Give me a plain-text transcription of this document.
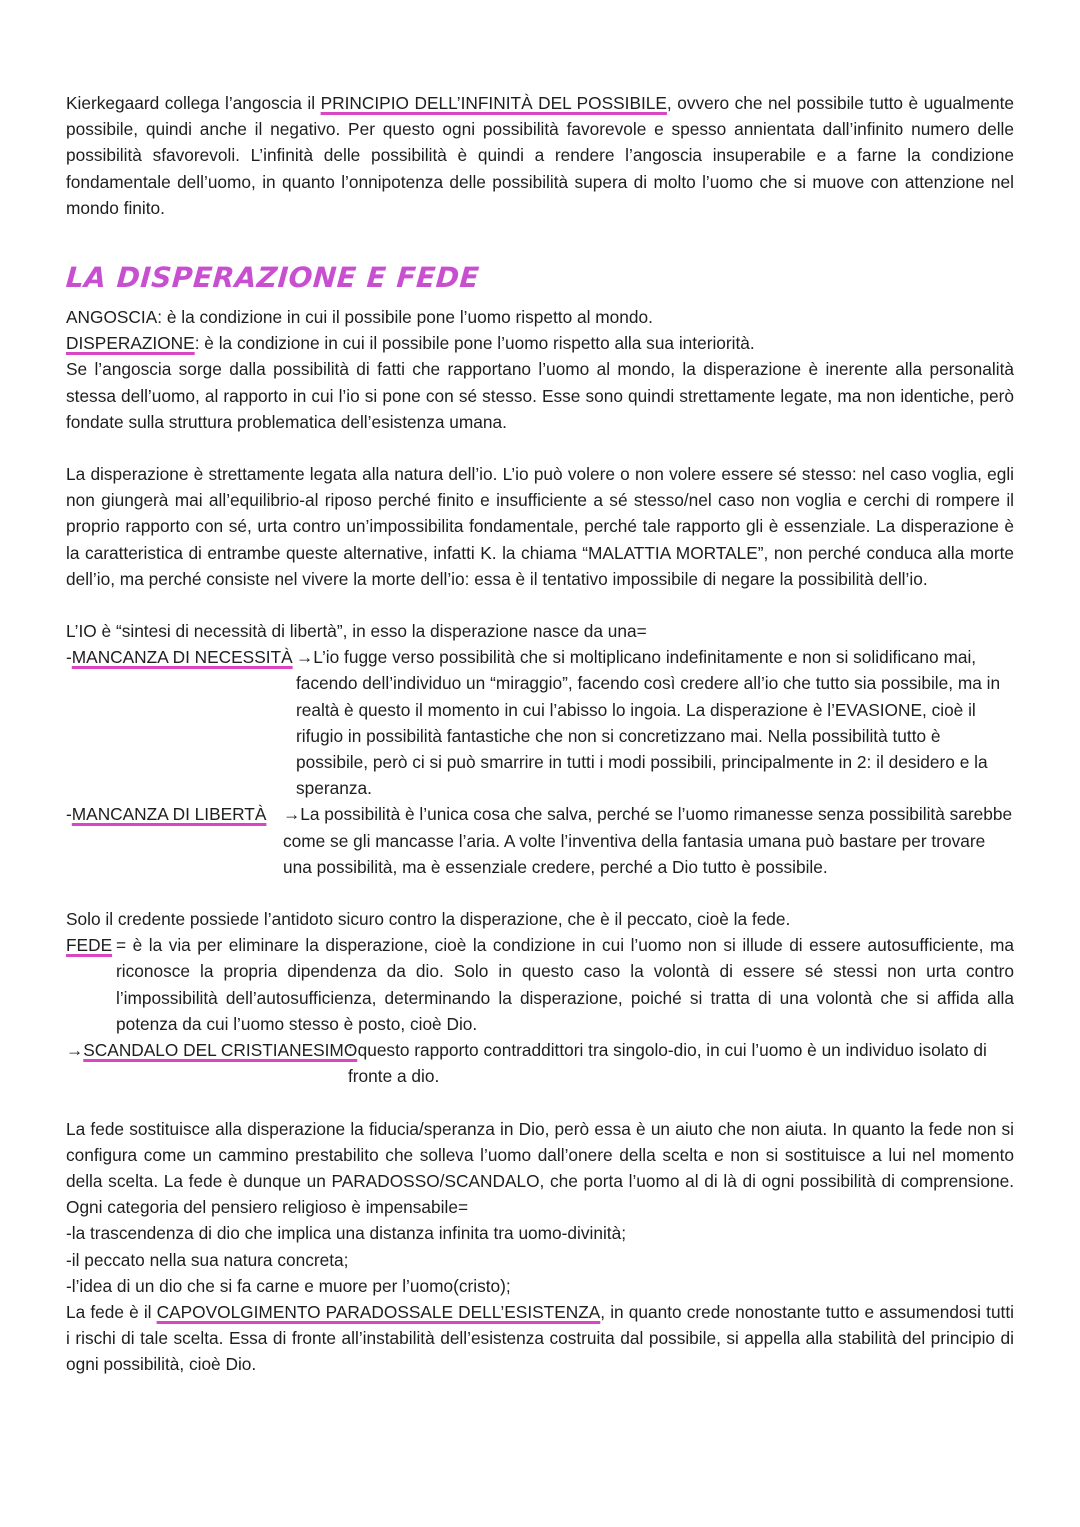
Kierkegaard collega l’angoscia il PRINCIPIO DELL’INFINITÀ DEL POSSIBILE, ovvero che nel possibile tutto è ugualmente possibile, quindi anche il negativo. Per questo ogni possibilità favorevole e spesso annientata dall’infinito numero delle possibilità sfavorevoli. L’infinità delle possibilità è quindi a rendere l’angoscia insuperabile e a farne la condizione fondamentale dell’uomo, in quanto l’onnipotenza delle possibilità supera di molto l’uomo che si muove con attenzione nel mondo finito.

LA DISPERAZIONE E FEDE

ANGOSCIA: è la condizione in cui il possibile pone l’uomo rispetto al mondo.

DISPERAZIONE: è la condizione in cui il possibile pone l’uomo rispetto alla sua interiorità.

Se l’angoscia sorge dalla possibilità di fatti che rapportano l’uomo al mondo, la disperazione è inerente alla personalità stessa dell’uomo, al rapporto in cui l’io si pone con sé stesso. Esse sono quindi strettamente legate, ma non identiche, però fondate sulla struttura problematica dell’esistenza umana.

La disperazione è strettamente legata alla natura dell’io. L’io può volere o non volere essere sé stesso: nel caso voglia, egli non giungerà mai all’equilibrio-al riposo perché finito e insufficiente a sé stesso/nel caso non voglia e cerchi di rompere il proprio rapporto con sé, urta contro un’impossibilita fondamentale, perché tale rapporto gli è essenziale. La disperazione è la caratteristica di entrambe queste alternative, infatti K. la chiama “MALATTIA MORTALE”, non perché conduca alla morte dell’io, ma perché consiste nel vivere la morte dell’io: essa è il tentativo impossibile di negare la possibilità dell’io.

L’IO è “sintesi di necessità di libertà”, in esso la disperazione nasce da una=

-MANCANZA DI NECESSITÀ →L’io fugge verso possibilità che si moltiplicano indefinitamente e non si solidificano mai, facendo dell’individuo un “miraggio”, facendo così credere all’io che tutto sia possibile, ma in realtà è questo il momento in cui l’abisso lo ingoia. La disperazione è l’EVASIONE, cioè il rifugio in possibilità fantastiche che non si concretizzano mai. Nella possibilità tutto è possibile, però ci si può smarrire in tutti i modi possibili, principalmente in 2: il desidero e la speranza.

-MANCANZA DI LIBERTÀ →La possibilità è l’unica cosa che salva, perché se l’uomo rimanesse senza possibilità sarebbe come se gli mancasse l’aria. A volte l’inventiva della fantasia umana può bastare per trovare una possibilità, ma è essenziale credere, perché a Dio tutto è possibile.

Solo il credente possiede l’antidoto sicuro contro la disperazione, che è il peccato, cioè la fede.

FEDE = è la via per eliminare la disperazione, cioè la condizione in cui l’uomo non si illude di essere autosufficiente, ma riconosce la propria dipendenza da dio. Solo in questo caso la volontà di essere sé stessi non urta contro l’impossibilità dell’autosufficienza, determinando la disperazione, poiché si tratta di una volontà che si affida alla potenza da cui l’uomo stesso è posto, cioè Dio.

→SCANDALO DEL CRISTIANESIMO

: questo rapporto contraddittori tra singolo-dio, in cui l’uomo è un individuo isolato di fronte a dio.

La fede sostituisce alla disperazione la fiducia/speranza in Dio, però essa è un aiuto che non aiuta. In quanto la fede non si configura come un cammino prestabilito che solleva l’uomo dall’onere della scelta e non si sostituisce a lui nel momento della scelta. La fede è dunque un PARADOSSO/SCANDALO, che porta l’uomo al di là di ogni possibilità di comprensione. Ogni categoria del pensiero religioso è impensabile=

-la trascendenza di dio che implica una distanza infinita tra uomo-divinità;

-il peccato nella sua natura concreta;

-l’idea di un dio che si fa carne e muore per l’uomo(cristo);

La fede è il CAPOVOLGIMENTO PARADOSSALE DELL’ESISTENZA, in quanto crede nonostante tutto e assumendosi tutti i rischi di tale scelta. Essa di fronte all’instabilità dell’esistenza costruita dal possibile, si appella alla stabilità del principio di ogni possibilità, cioè Dio.
